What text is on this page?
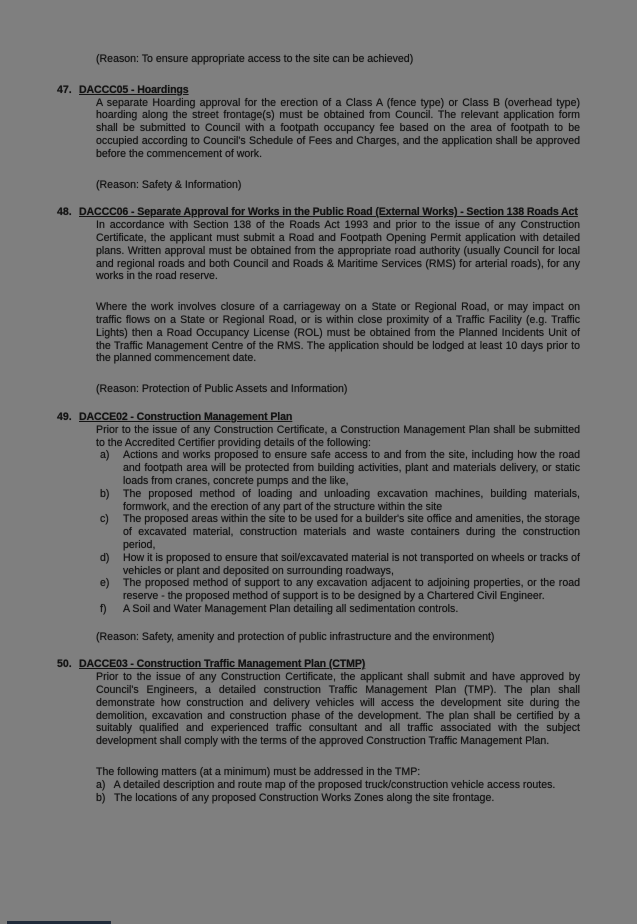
(Reason: To ensure appropriate access to the site can be achieved)

47. DACCC05 - Hoardings

A separate Hoarding approval for the erection of a Class A (fence type) or Class B (overhead type) hoarding along the street frontage(s) must be obtained from Council. The relevant application form shall be submitted to Council with a footpath occupancy fee based on the area of footpath to be occupied according to Council's Schedule of Fees and Charges, and the application shall be approved before the commencement of work.

(Reason: Safety & Information)

48. DACCC06 - Separate Approval for Works in the Public Road (External Works) - Section 138 Roads Act

In accordance with Section 138 of the Roads Act 1993 and prior to the issue of any Construction Certificate, the applicant must submit a Road and Footpath Opening Permit application with detailed plans. Written approval must be obtained from the appropriate road authority (usually Council for local and regional roads and both Council and Roads & Maritime Services (RMS) for arterial roads), for any works in the road reserve.

Where the work involves closure of a carriageway on a State or Regional Road, or may impact on traffic flows on a State or Regional Road, or is within close proximity of a Traffic Facility (e.g. Traffic Lights) then a Road Occupancy License (ROL) must be obtained from the Planned Incidents Unit of the Traffic Management Centre of the RMS. The application should be lodged at least 10 days prior to the planned commencement date.

(Reason: Protection of Public Assets and Information)

49. DACCE02 - Construction Management Plan

Prior to the issue of any Construction Certificate, a Construction Management Plan shall be submitted to the Accredited Certifier providing details of the following:

a)	Actions and works proposed to ensure safe access to and from the site, including how the road and footpath area will be protected from building activities, plant and materials delivery, or static loads from cranes, concrete pumps and the like,
b)	The proposed method of loading and unloading excavation machines, building materials, formwork, and the erection of any part of the structure within the site
c)	The proposed areas within the site to be used for a builder's site office and amenities, the storage of excavated material, construction materials and waste containers during the construction period,
d)	How it is proposed to ensure that soil/excavated material is not transported on wheels or tracks of vehicles or plant and deposited on surrounding roadways,
e)	The proposed method of support to any excavation adjacent to adjoining properties, or the road reserve - the proposed method of support is to be designed by a Chartered Civil Engineer.
f)	A Soil and Water Management Plan detailing all sedimentation controls.

(Reason: Safety, amenity and protection of public infrastructure and the environment)

50. DACCE03 - Construction Traffic Management Plan (CTMP)

Prior to the issue of any Construction Certificate, the applicant shall submit and have approved by Council's Engineers, a detailed construction Traffic Management Plan (TMP). The plan shall demonstrate how construction and delivery vehicles will access the development site during the demolition, excavation and construction phase of the development. The plan shall be certified by a suitably qualified and experienced traffic consultant and all traffic associated with the subject development shall comply with the terms of the approved Construction Traffic Management Plan.

The following matters (at a minimum) must be addressed in the TMP:

a)   A detailed description and route map of the proposed truck/construction vehicle access routes.

b)   The locations of any proposed Construction Works Zones along the site frontage.
